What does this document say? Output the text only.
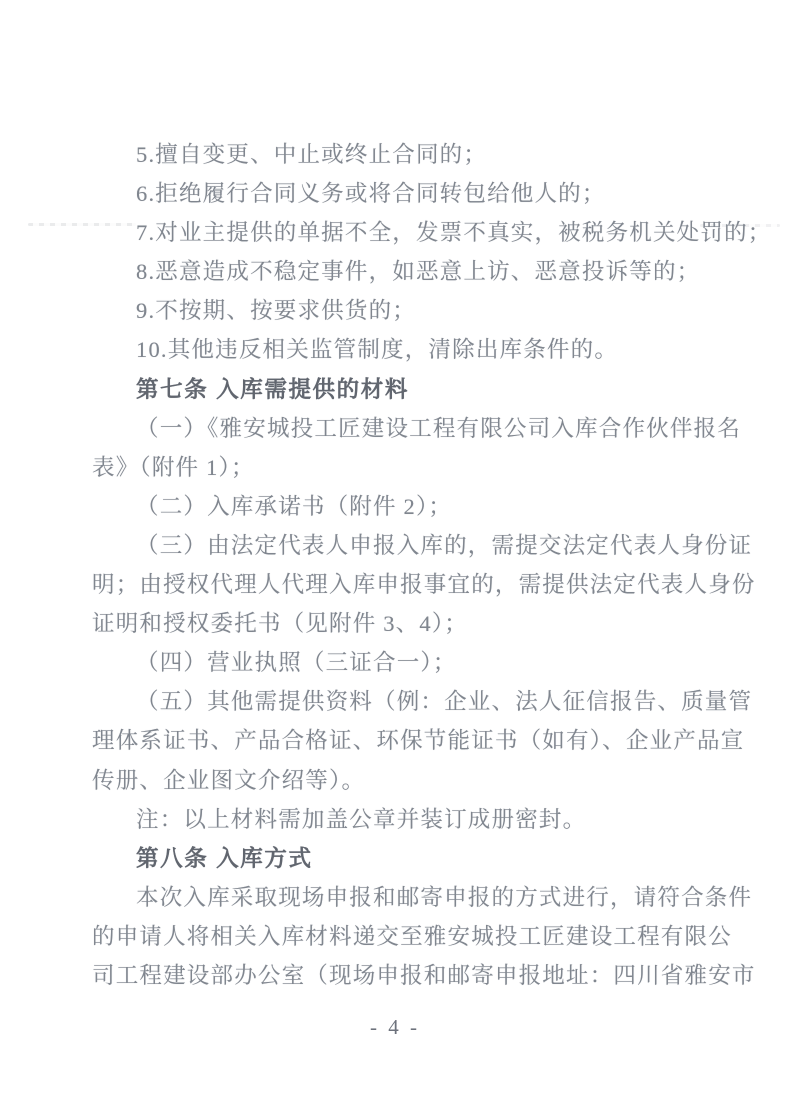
5.擅自变更、中止或终止合同的；
6.拒绝履行合同义务或将合同转包给他人的；
7.对业主提供的单据不全，发票不真实，被税务机关处罚的；
8.恶意造成不稳定事件，如恶意上访、恶意投诉等的；
9.不按期、按要求供货的；
10.其他违反相关监管制度，清除出库条件的。
第七条 入库需提供的材料
（一）《雅安城投工匠建设工程有限公司入库合作伙伴报名
表》（附件 1）；
（二）入库承诺书（附件 2）；
（三）由法定代表人申报入库的，需提交法定代表人身份证
明；由授权代理人代理入库申报事宜的，需提供法定代表人身份
证明和授权委托书（见附件 3、4）；
（四）营业执照（三证合一）；
（五）其他需提供资料（例：企业、法人征信报告、质量管
理体系证书、产品合格证、环保节能证书（如有）、企业产品宣
传册、企业图文介绍等）。
注：以上材料需加盖公章并装订成册密封。
第八条 入库方式
本次入库采取现场申报和邮寄申报的方式进行，请符合条件
的申请人将相关入库材料递交至雅安城投工匠建设工程有限公
司工程建设部办公室（现场申报和邮寄申报地址：四川省雅安市
- 4 -
